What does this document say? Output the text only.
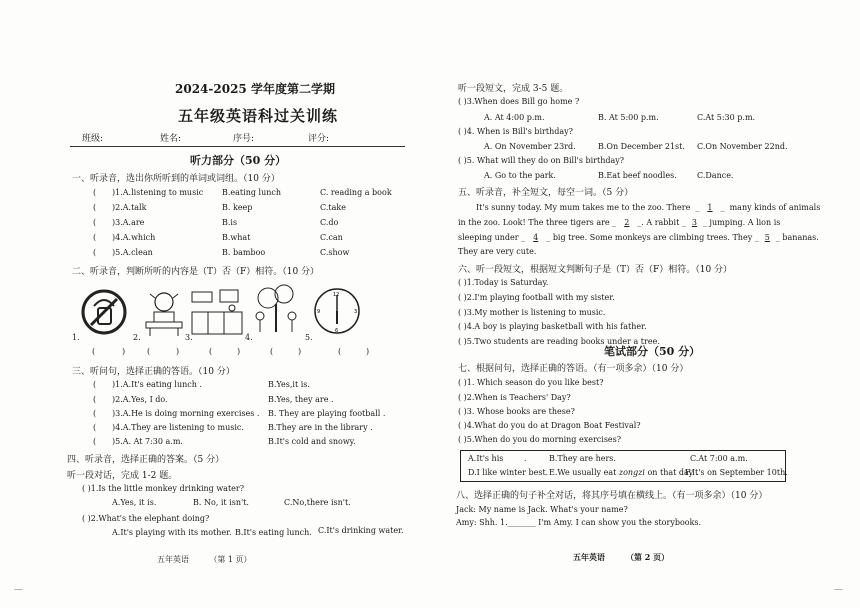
2024-2025 学年度第二学期
五年级英语科过关训练
班级:	姓名:	序号:	评分:
听力部分（50 分）
一、听录音，选出你所听到的单词或词组。（10 分）
( )1.A.listening to music B.eating lunch	C. reading a book
( )2.A.talk	B. keep	C.take
( )3.A.are	B.is	C.do
( )4.A.which	B.what	C.can
( )5.A.clean	B. bamboo	C.show
二、听录音，判断所听的内容是（T）否（F）相符。（10 分）
12
3
6
9
1.	2.	3.	4.	5.
(	)	(	)	(	)	(	)	(	)
三、听问句，选择正确的答语。（10 分）
( )1.A.It's eating lunch .	B.Yes,it is.
( )2.A.Yes, I do.	B.Yes, they are .
( )3.A.He is doing morning exercises . B. They are playing football .
( )4.A.They are listening to music.	B.They are in the library .
( )5.A. At 7:30 a.m.	B.It's cold and snowy.
四、听录音，选择正确的答案。（5 分）
听一段对话，完成 1-2 题。
( )1.Is the little monkey drinking water?
A.Yes, it is.	B. No, it isn't.	C.No,there isn't.
( )2.What's the elephant doing?
A.It's playing with its mother. B.It's eating lunch. C.It's drinking water.
五年英语        （第 1 页）
—
听一段短文，完成 3-5 题。
( )3.When does Bill go home ?
A. At 4:00 p.m.	B. At 5:00 p.m.	C.At 5:30 p.m.
( )4. When is Bill's birthday?
A. On November 23rd.	B.On December 21st. C.On November 22nd.
( )5. What will they do on Bill's birthday?
A. Go to the park.	B.Eat beef noodles.	C.Dance.
五、听录音，补全短文，每空一词。（5 分）
It's sunny today. My mum takes me to the zoo. There  _ 1 _  many kinds of animals
in the zoo. Look! The three tigers are _ 2 _. A rabbit _ 3 _ jumping. A lion is
sleeping under _ 4 _ big tree. Some monkeys are climbing trees. They _ 5 _ bananas.
They are very cute.
六、听一段短文，根据短文判断句子是（T）否（F）相符。（10 分）
( )1.Today is Saturday.
( )2.I'm playing football with my sister.
( )3.My mother is listening to music.
( )4.A boy is playing basketball with his father.
( )5.Two students are reading books under a tree.
笔试部分（50 分）
七、根据问句，选择正确的答语。（有一项多余）（10 分）
( )1. Which season do you like best?
( )2.When is Teachers' Day?
( )3. Whose books are these?
( )4.What do you do at Dragon Boat Festival?
( )5.When do you do morning exercises?
A.It's his	.	B.They are hers.	C.At 7:00 a.m.
D.I like winter best. E.We usually eat zongzi on that day .
F.It's on September 10th.
八、选择正确的句子补全对话，将其序号填在横线上。（有一项多余）（10 分）
Jack: My name is Jack. What's your name?
Amy: Shh. 1._______ I'm Amy. I can show you the storybooks.
五年英语	（第 2 页）
—
